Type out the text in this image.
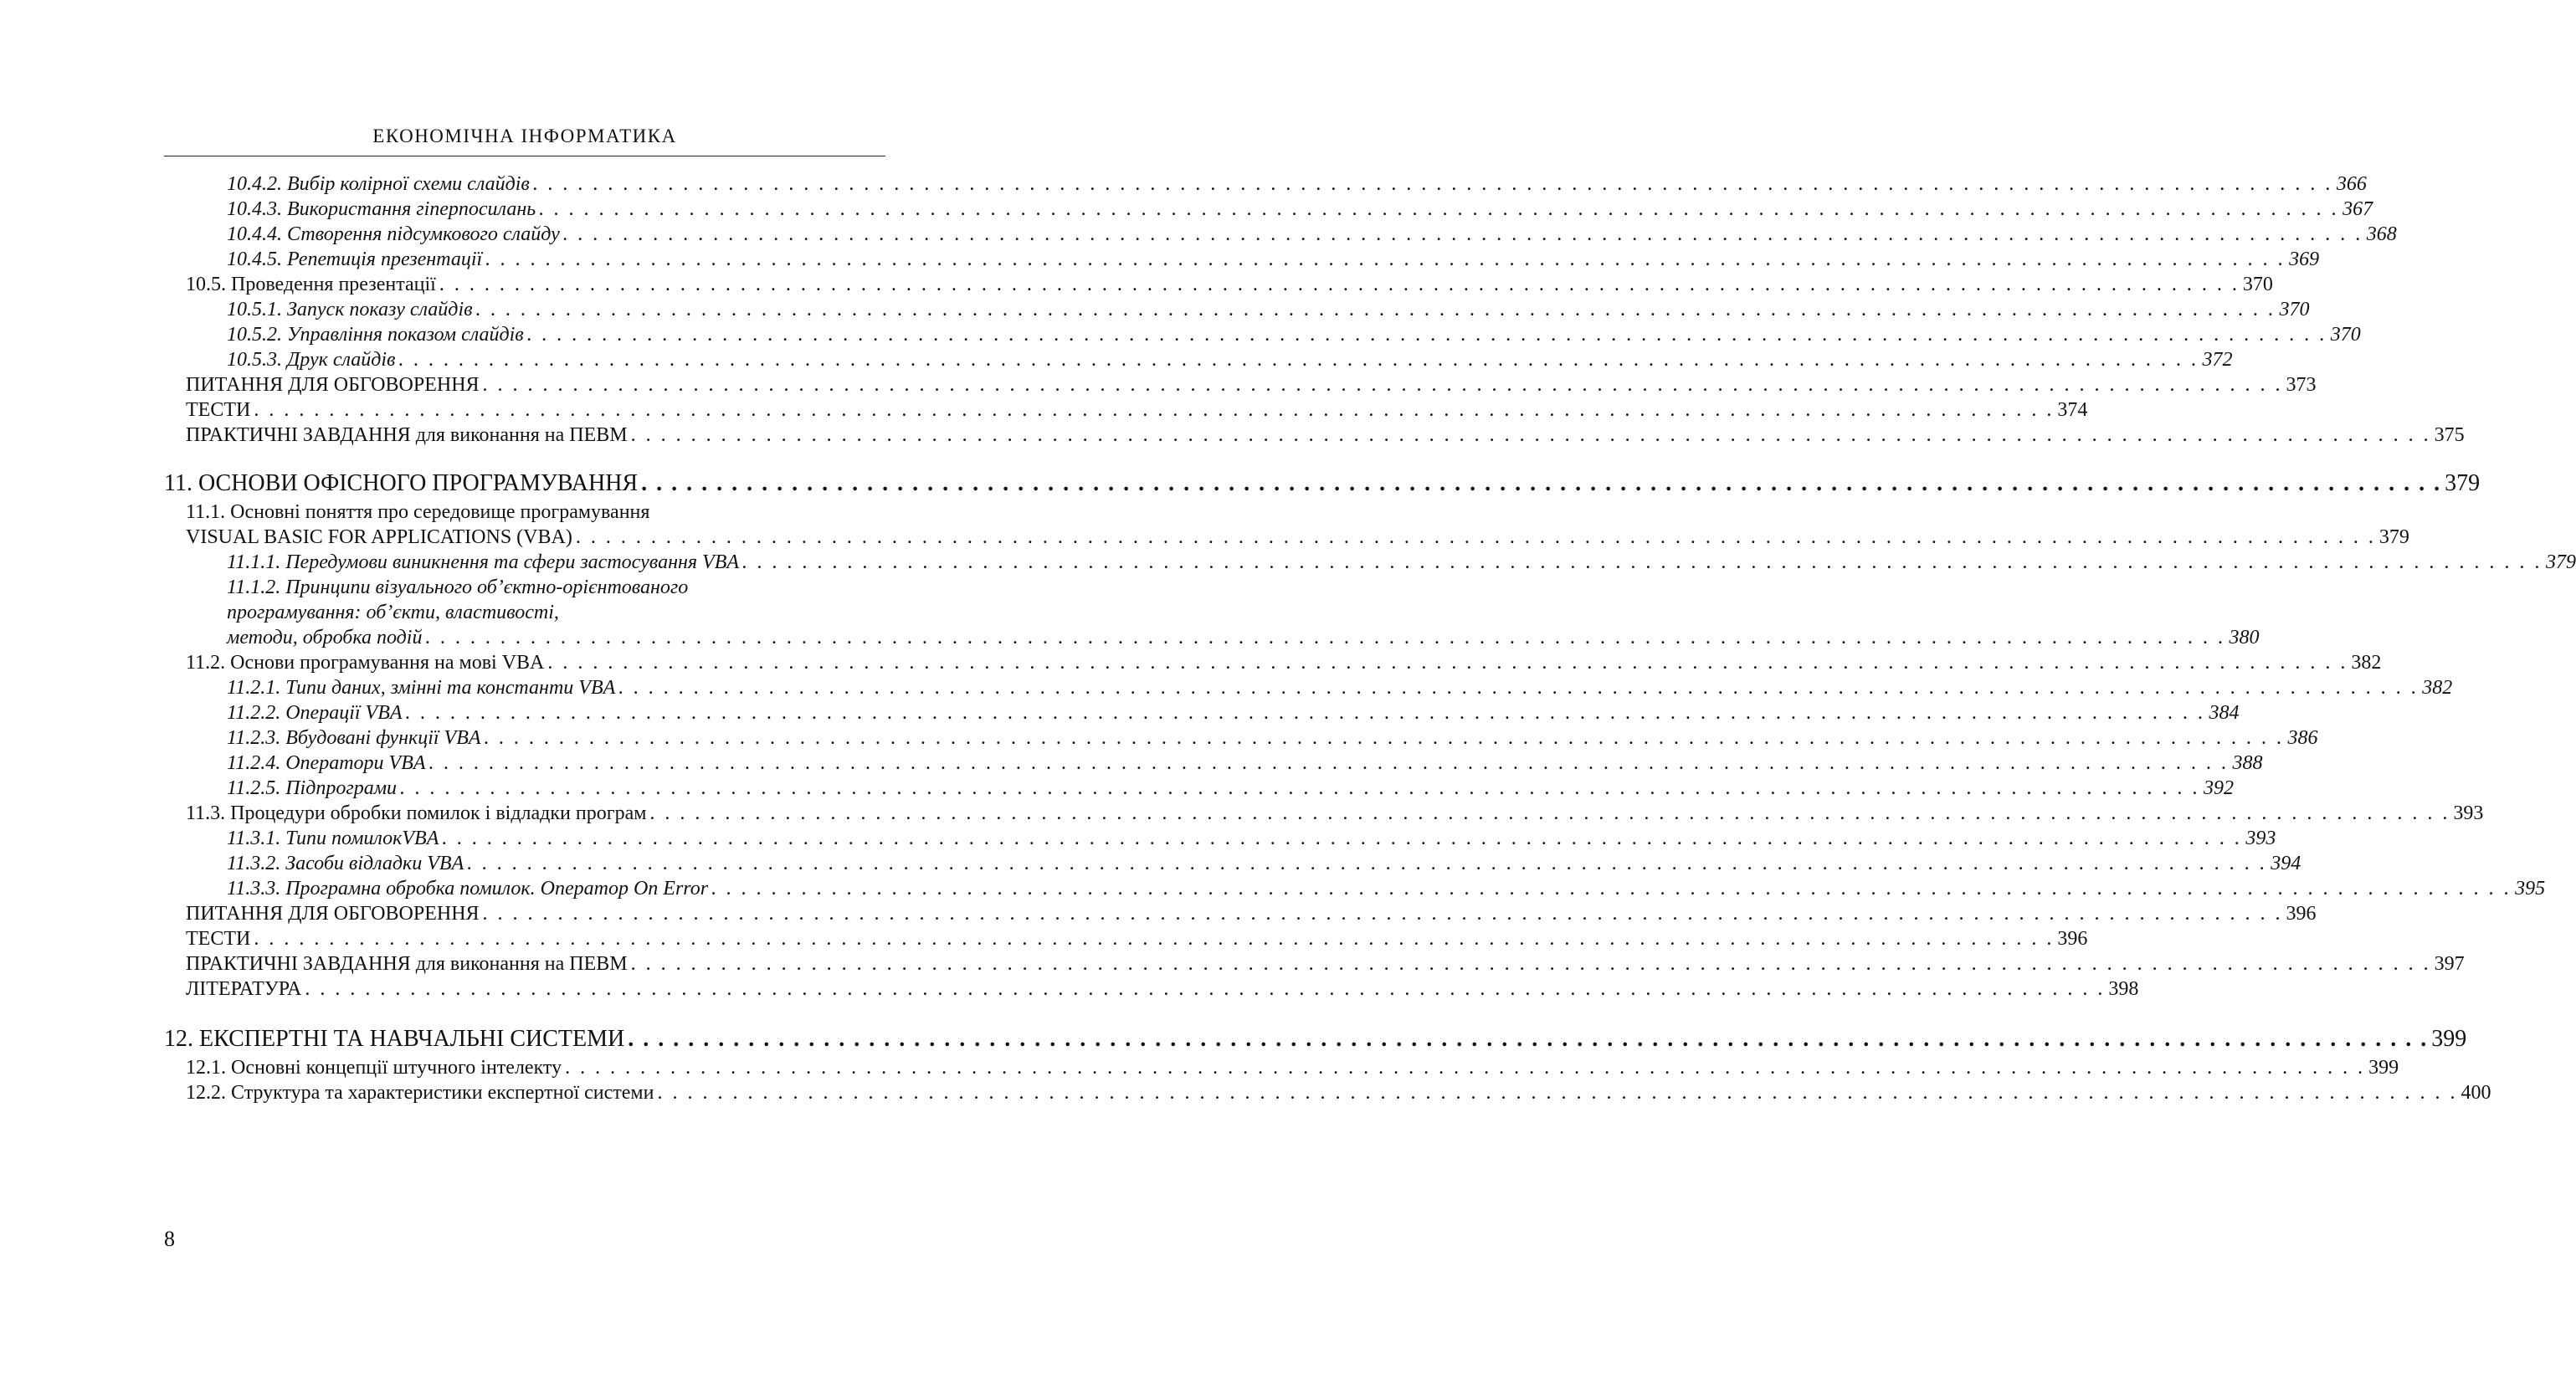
ЕКОНОМІЧНА ІНФОРМАТИКА
10.4.2. Вибір колірної схеми слайдів . . . . . . . . . . . . . . . . . . . . . . . . . . . . . . . . . . . . . . . . . . . . . . . . . . . . . . . . . . . . . . . . . . . . . . . . . . . . . . . . . . . . . . . . . . . . . . . . . . . . . . . . . . . . . . . . . . . . . . . . 366
10.4.3. Використання гіперпосилань . . . . . . . . . . . . . . . . . . . . . . . . . . . . . . . . . . . . . . . . . . . . . . . . . . . . . . . . . . . . . . . . . . . . . . . . . . . . . . . . . . . . . . . . . . . . . . . . . . . . . . . . . . . . . . . . . . . . . . . . 367
10.4.4. Створення підсумкового слайду . . . . . . . . . . . . . . . . . . . . . . . . . . . . . . . . . . . . . . . . . . . . . . . . . . . . . . . . . . . . . . . . . . . . . . . . . . . . . . . . . . . . . . . . . . . . . . . . . . . . . . . . . . . . . . . . . . . . . . . . 368
10.4.5. Репетиція презентації . . . . . . . . . . . . . . . . . . . . . . . . . . . . . . . . . . . . . . . . . . . . . . . . . . . . . . . . . . . . . . . . . . . . . . . . . . . . . . . . . . . . . . . . . . . . . . . . . . . . . . . . . . . . . . . . . . . . . . . . 369
10.5. Проведення презентації . . . . . . . . . . . . . . . . . . . . . . . . . . . . . . . . . . . . . . . . . . . . . . . . . . . . . . . . . . . . . . . . . . . . . . . . . . . . . . . . . . . . . . . . . . . . . . . . . . . . . . . . . . . . . . . . . . . . . . . . 370
10.5.1. Запуск показу слайдів . . . . . . . . . . . . . . . . . . . . . . . . . . . . . . . . . . . . . . . . . . . . . . . . . . . . . . . . . . . . . . . . . . . . . . . . . . . . . . . . . . . . . . . . . . . . . . . . . . . . . . . . . . . . . . . . . . . . . . . . 370
10.5.2. Управління показом слайдів . . . . . . . . . . . . . . . . . . . . . . . . . . . . . . . . . . . . . . . . . . . . . . . . . . . . . . . . . . . . . . . . . . . . . . . . . . . . . . . . . . . . . . . . . . . . . . . . . . . . . . . . . . . . . . . . . . . . . . . . 370
10.5.3. Друк слайдів . . . . . . . . . . . . . . . . . . . . . . . . . . . . . . . . . . . . . . . . . . . . . . . . . . . . . . . . . . . . . . . . . . . . . . . . . . . . . . . . . . . . . . . . . . . . . . . . . . . . . . . . . . . . . . . . . . . . . . . . 372
ПИТАННЯ ДЛЯ ОБГОВОРЕННЯ . . . . . . . . . . . . . . . . . . . . . . . . . . . . . . . . . . . . . . . . . . . . . . . . . . . . . . . . . . . . . . . . . . . . . . . . . . . . . . . . . . . . . . . . . . . . . . . . . . . . . . . . . . . . . . . . . . . . . . . . 373
ТЕСТИ . . . . . . . . . . . . . . . . . . . . . . . . . . . . . . . . . . . . . . . . . . . . . . . . . . . . . . . . . . . . . . . . . . . . . . . . . . . . . . . . . . . . . . . . . . . . . . . . . . . . . . . . . . . . . . . . . . . . . . . . 374
ПРАКТИЧНІ ЗАВДАННЯ для виконання на ПЕВМ . . . . . . . . . . . . . . . . . . . . . . . . . . . . . . . . . . . . . . . . . . . . . . . . . . . . . . . . . . . . . . . . . . . . . . . . . . . . . . . . . . . . . . . . . . . . . . . . . . . . . . . . . . . . . . . . . . . . . . . . 375
11. ОСНОВИ ОФІСНОГО ПРОГРАМУВАННЯ . . . . . . . . . . . . . . . . . . . . . . . . . . . . . . . . . . . . . . . . . . . . . . . . . . . . . . . . . . . . . . . . . . . . . . . . . . . . . . . . . . . . . . . . . . . . . . . . . . . . . . . . . . . . . . . . . . . . . . . . 379
11.1. Основні поняття про середовище програмування
VISUAL BASIC FOR APPLICATIONS (VBA) . . . . . . . . . . . . . . . . . . . . . . . . . . . . . . . . . . . . . . . . . . . . . . . . . . . . . . . . . . . . . . . . . . . . . . . . . . . . . . . . . . . . . . . . . . . . . . . . . . . . . . . . . . . . . . . . . . . . . . . . 379
11.1.1. Передумови виникнення та сфери застосування VBA . . . . . . . . . . . . . . . . . . . . . . . . . . . . . . . . . . . . . . . . . . . . . . . . . . . . . . . . . . . . . . . . . . . . . . . . . . . . . . . . . . . . . . . . . . . . . . . . . . . . . . . . . . . . . . . . . . . . . . . . 379
11.1.2. Принципи візуального об’єктно-орієнтованого
програмування: об’єкти, властивості,
методи, обробка подій . . . . . . . . . . . . . . . . . . . . . . . . . . . . . . . . . . . . . . . . . . . . . . . . . . . . . . . . . . . . . . . . . . . . . . . . . . . . . . . . . . . . . . . . . . . . . . . . . . . . . . . . . . . . . . . . . . . . . . . . 380
11.2. Основи програмування на мові VBA . . . . . . . . . . . . . . . . . . . . . . . . . . . . . . . . . . . . . . . . . . . . . . . . . . . . . . . . . . . . . . . . . . . . . . . . . . . . . . . . . . . . . . . . . . . . . . . . . . . . . . . . . . . . . . . . . . . . . . . . 382
11.2.1. Типи даних, змінні та константи VBA . . . . . . . . . . . . . . . . . . . . . . . . . . . . . . . . . . . . . . . . . . . . . . . . . . . . . . . . . . . . . . . . . . . . . . . . . . . . . . . . . . . . . . . . . . . . . . . . . . . . . . . . . . . . . . . . . . . . . . . . 382
11.2.2. Операції VBA . . . . . . . . . . . . . . . . . . . . . . . . . . . . . . . . . . . . . . . . . . . . . . . . . . . . . . . . . . . . . . . . . . . . . . . . . . . . . . . . . . . . . . . . . . . . . . . . . . . . . . . . . . . . . . . . . . . . . . . . 384
11.2.3. Вбудовані функції VBA . . . . . . . . . . . . . . . . . . . . . . . . . . . . . . . . . . . . . . . . . . . . . . . . . . . . . . . . . . . . . . . . . . . . . . . . . . . . . . . . . . . . . . . . . . . . . . . . . . . . . . . . . . . . . . . . . . . . . . . . 386
11.2.4. Оператори VBA . . . . . . . . . . . . . . . . . . . . . . . . . . . . . . . . . . . . . . . . . . . . . . . . . . . . . . . . . . . . . . . . . . . . . . . . . . . . . . . . . . . . . . . . . . . . . . . . . . . . . . . . . . . . . . . . . . . . . . . . 388
11.2.5. Підпрограми . . . . . . . . . . . . . . . . . . . . . . . . . . . . . . . . . . . . . . . . . . . . . . . . . . . . . . . . . . . . . . . . . . . . . . . . . . . . . . . . . . . . . . . . . . . . . . . . . . . . . . . . . . . . . . . . . . . . . . . . 392
11.3. Процедури обробки помилок і відладки програм . . . . . . . . . . . . . . . . . . . . . . . . . . . . . . . . . . . . . . . . . . . . . . . . . . . . . . . . . . . . . . . . . . . . . . . . . . . . . . . . . . . . . . . . . . . . . . . . . . . . . . . . . . . . . . . . . . . . . . . . 393
11.3.1. Типи помилокVBA . . . . . . . . . . . . . . . . . . . . . . . . . . . . . . . . . . . . . . . . . . . . . . . . . . . . . . . . . . . . . . . . . . . . . . . . . . . . . . . . . . . . . . . . . . . . . . . . . . . . . . . . . . . . . . . . . . . . . . . . 393
11.3.2. Засоби відладки VBA . . . . . . . . . . . . . . . . . . . . . . . . . . . . . . . . . . . . . . . . . . . . . . . . . . . . . . . . . . . . . . . . . . . . . . . . . . . . . . . . . . . . . . . . . . . . . . . . . . . . . . . . . . . . . . . . . . . . . . . . 394
11.3.3. Програмна обробка помилок. Оператор On Error . . . . . . . . . . . . . . . . . . . . . . . . . . . . . . . . . . . . . . . . . . . . . . . . . . . . . . . . . . . . . . . . . . . . . . . . . . . . . . . . . . . . . . . . . . . . . . . . . . . . . . . . . . . . . . . . . . . . . . . . 395
ПИТАННЯ ДЛЯ ОБГОВОРЕННЯ . . . . . . . . . . . . . . . . . . . . . . . . . . . . . . . . . . . . . . . . . . . . . . . . . . . . . . . . . . . . . . . . . . . . . . . . . . . . . . . . . . . . . . . . . . . . . . . . . . . . . . . . . . . . . . . . . . . . . . . . 396
ТЕСТИ . . . . . . . . . . . . . . . . . . . . . . . . . . . . . . . . . . . . . . . . . . . . . . . . . . . . . . . . . . . . . . . . . . . . . . . . . . . . . . . . . . . . . . . . . . . . . . . . . . . . . . . . . . . . . . . . . . . . . . . . 396
ПРАКТИЧНІ ЗАВДАННЯ для виконання на ПЕВМ . . . . . . . . . . . . . . . . . . . . . . . . . . . . . . . . . . . . . . . . . . . . . . . . . . . . . . . . . . . . . . . . . . . . . . . . . . . . . . . . . . . . . . . . . . . . . . . . . . . . . . . . . . . . . . . . . . . . . . . . 397
ЛІТЕРАТУРА . . . . . . . . . . . . . . . . . . . . . . . . . . . . . . . . . . . . . . . . . . . . . . . . . . . . . . . . . . . . . . . . . . . . . . . . . . . . . . . . . . . . . . . . . . . . . . . . . . . . . . . . . . . . . . . . . . . . . . . . 398
12. ЕКСПЕРТНІ ТА НАВЧАЛЬНІ СИСТЕМИ . . . . . . . . . . . . . . . . . . . . . . . . . . . . . . . . . . . . . . . . . . . . . . . . . . . . . . . . . . . . . . . . . . . . . . . . . . . . . . . . . . . . . . . . . . . . . . . . . . . . . . . . . . . . . . . . . . . . . . . . 399
12.1. Основні концепції штучного інтелекту . . . . . . . . . . . . . . . . . . . . . . . . . . . . . . . . . . . . . . . . . . . . . . . . . . . . . . . . . . . . . . . . . . . . . . . . . . . . . . . . . . . . . . . . . . . . . . . . . . . . . . . . . . . . . . . . . . . . . . . . 399
12.2. Структура та характеристики експертної системи . . . . . . . . . . . . . . . . . . . . . . . . . . . . . . . . . . . . . . . . . . . . . . . . . . . . . . . . . . . . . . . . . . . . . . . . . . . . . . . . . . . . . . . . . . . . . . . . . . . . . . . . . . . . . . . . . . . . . . . . 400
8
